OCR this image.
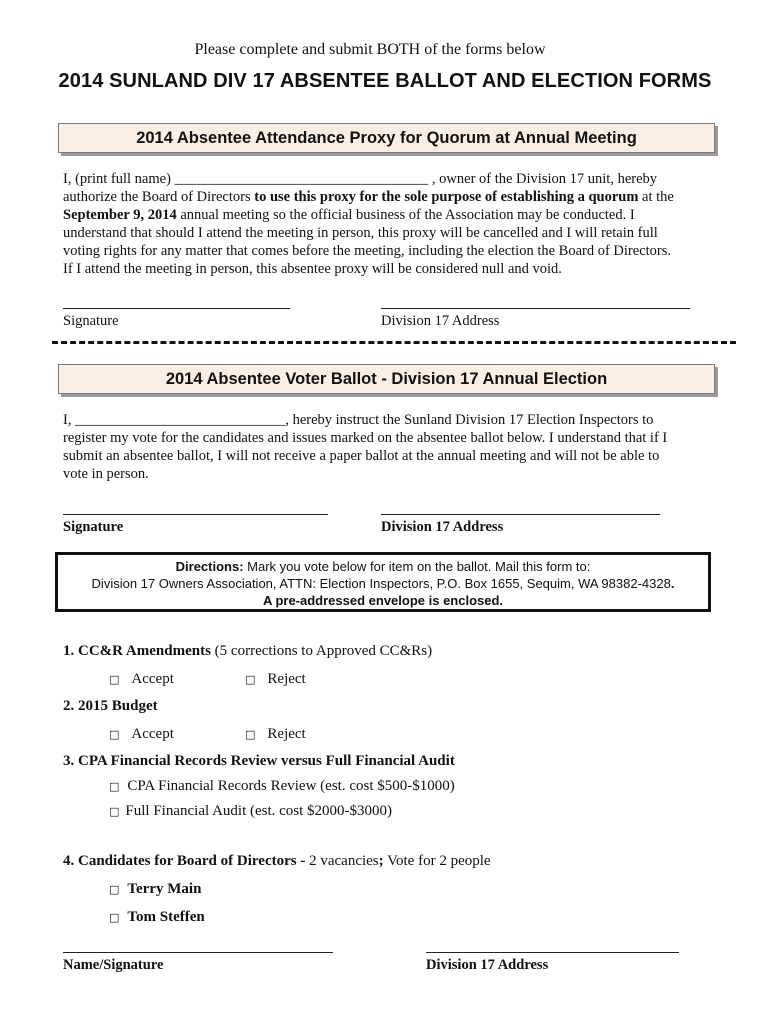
Please complete and submit BOTH of the forms below
2014 SUNLAND DIV 17 ABSENTEE BALLOT AND ELECTION FORMS
2014 Absentee Attendance Proxy for Quorum at Annual Meeting
I, (print full name) ___________________________________ , owner of the Division 17 unit, hereby
authorize the Board of Directors to use this proxy for the sole purpose of establishing a quorum at the
September 9, 2014 annual meeting so the official business of the Association may be conducted. I
understand that should I attend the meeting in person, this proxy will be cancelled and I will retain full
voting rights for any matter that comes before the meeting, including the election the Board of Directors.
If I attend the meeting in person, this absentee proxy will be considered null and void.
Signature	Division 17 Address
2014 Absentee Voter Ballot - Division 17 Annual Election
I, _____________________________, hereby instruct the Sunland Division 17 Election Inspectors to
register my vote for the candidates and issues marked on the absentee ballot below. I understand that if I
submit an absentee ballot, I will not receive a paper ballot at the annual meeting and will not be able to
vote in person.
Signature	Division 17 Address
Directions: Mark you vote below for item on the ballot. Mail this form to:
Division 17 Owners Association, ATTN: Election Inspectors, P.O. Box 1655, Sequim, WA 98382-4328.
A pre-addressed envelope is enclosed.
1. CC&R Amendments (5 corrections to Approved CC&Rs)
□ Accept	□ Reject
2. 2015 Budget
□ Accept	□ Reject
3. CPA Financial Records Review versus Full Financial Audit
□ CPA Financial Records Review (est. cost $500-$1000)
□ Full Financial Audit (est. cost $2000-$3000)
4. Candidates for Board of Directors - 2 vacancies; Vote for 2 people
□ Terry Main
□ Tom Steffen
Name/Signature	Division 17 Address
